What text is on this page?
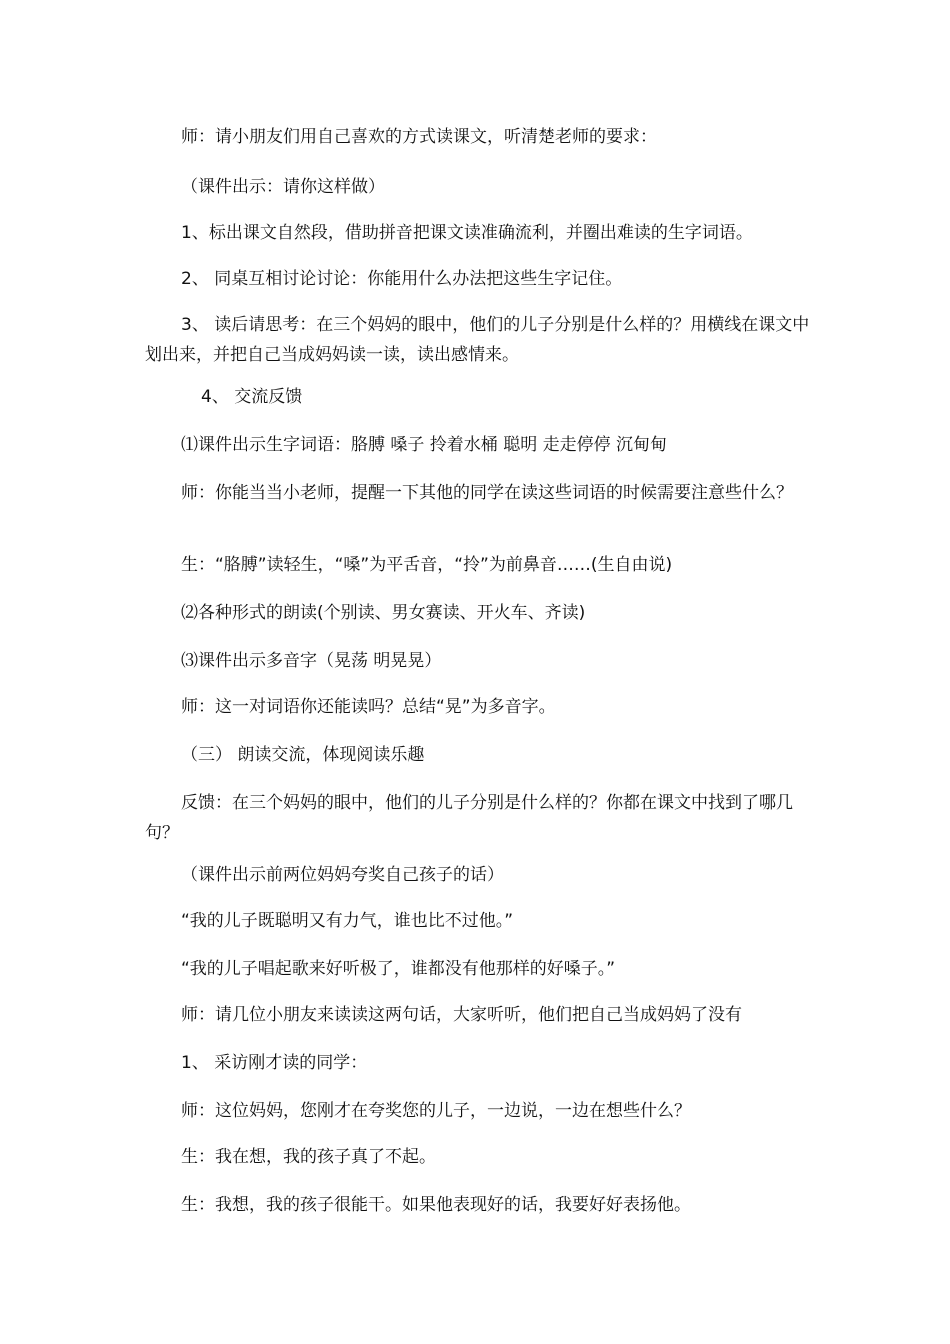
师：请小朋友们用自己喜欢的方式读课文，听清楚老师的要求：

（课件出示：请你这样做）

1、标出课文自然段，借助拼音把课文读准确流利，并圈出难读的生字词语。

2、 同桌互相讨论讨论：你能用什么办法把这些生字记住。

3、 读后请思考：在三个妈妈的眼中，他们的儿子分别是什么样的？用横线在课文中划出来，并把自己当成妈妈读一读，读出感情来。

4、 交流反馈

⑴课件出示生字词语：胳膊 嗓子 拎着水桶 聪明 走走停停 沉甸甸

师：你能当当小老师，提醒一下其他的同学在读这些词语的时候需要注意些什么？

生：“胳膊”读轻生，“嗓”为平舌音，“拎”为前鼻音……(生自由说)

⑵各种形式的朗读(个别读、男女赛读、开火车、齐读)

⑶课件出示多音字（晃荡 明晃晃）

师：这一对词语你还能读吗？总结“晃”为多音字。

（三） 朗读交流，体现阅读乐趣

反馈：在三个妈妈的眼中，他们的儿子分别是什么样的？你都在课文中找到了哪几句？

（课件出示前两位妈妈夸奖自己孩子的话）

“我的儿子既聪明又有力气，谁也比不过他。”

“我的儿子唱起歌来好听极了，谁都没有他那样的好嗓子。”

师：请几位小朋友来读读这两句话，大家听听，他们把自己当成妈妈了没有

1、 采访刚才读的同学：

师：这位妈妈，您刚才在夸奖您的儿子，一边说，一边在想些什么？

生：我在想，我的孩子真了不起。

生：我想，我的孩子很能干。如果他表现好的话，我要好好表扬他。
